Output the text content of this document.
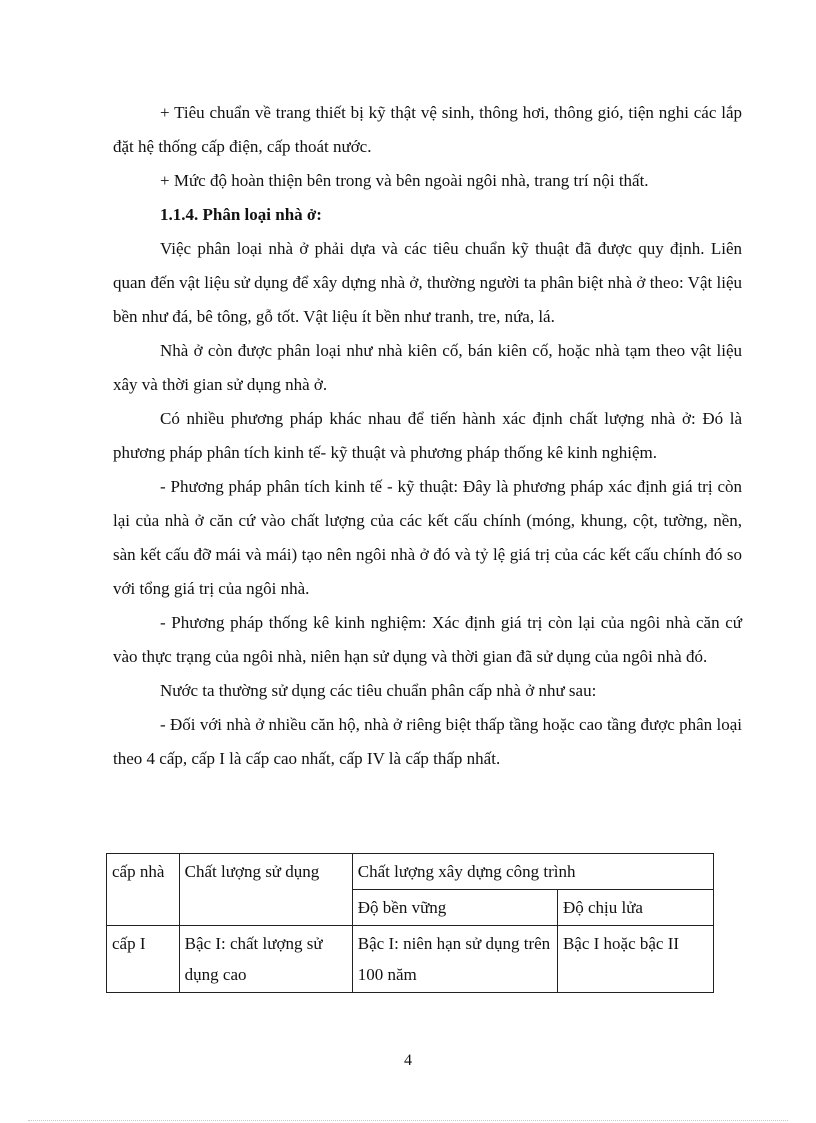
+ Tiêu chuẩn về trang thiết bị kỹ thật vệ sinh, thông hơi, thông gió, tiện nghi các lắp đặt hệ thống cấp điện, cấp thoát nước.

+ Mức độ hoàn thiện bên trong và bên ngoài ngôi nhà, trang trí nội thất.

1.1.4. Phân loại nhà ở:

Việc phân loại nhà ở phải dựa và các tiêu chuẩn kỹ thuật đã được quy định. Liên quan đến vật liệu sử dụng để xây dựng nhà ở, thường người ta phân biệt nhà ở theo: Vật liệu bền như đá, bê tông, gỗ tốt. Vật liệu ít bền như tranh, tre, nứa, lá.

Nhà ở còn được phân loại như nhà kiên cố, bán kiên cố, hoặc nhà tạm theo vật liệu xây và thời gian sử dụng nhà ở.

Có nhiều phương pháp khác nhau để tiến hành xác định chất lượng nhà ở: Đó là phương pháp phân tích kinh tế- kỹ thuật và phương pháp thống kê kinh nghiệm.

- Phương pháp phân tích kinh tế - kỹ thuật: Đây là phương pháp xác định giá trị còn lại của nhà ở căn cứ vào chất lượng của các kết cấu chính (móng, khung, cột, tường, nền, sàn kết cấu đỡ mái và mái) tạo nên ngôi nhà ở đó và tỷ lệ giá trị của các kết cấu chính đó so với tổng giá trị của ngôi nhà.

- Phương pháp thống kê kinh nghiệm: Xác định giá trị còn lại của ngôi nhà căn cứ vào thực trạng của ngôi nhà, niên hạn sử dụng và thời gian đã sử dụng của ngôi nhà đó.

Nước ta thường sử dụng các tiêu chuẩn phân cấp nhà ở như sau:

- Đối với nhà ở nhiều căn hộ, nhà ở riêng biệt thấp tầng hoặc cao tầng được phân loại theo 4 cấp, cấp I là cấp cao nhất, cấp IV là cấp thấp nhất.

cấp nhà	Chất lượng sử dụng	Chất lượng xây dựng công trình	
		Độ bền vững	Độ chịu lửa
cấp I	Bậc I: chất lượng sử dụng cao	Bậc I: niên hạn sử dụng trên 100 năm	Bậc I hoặc bậc II
4
